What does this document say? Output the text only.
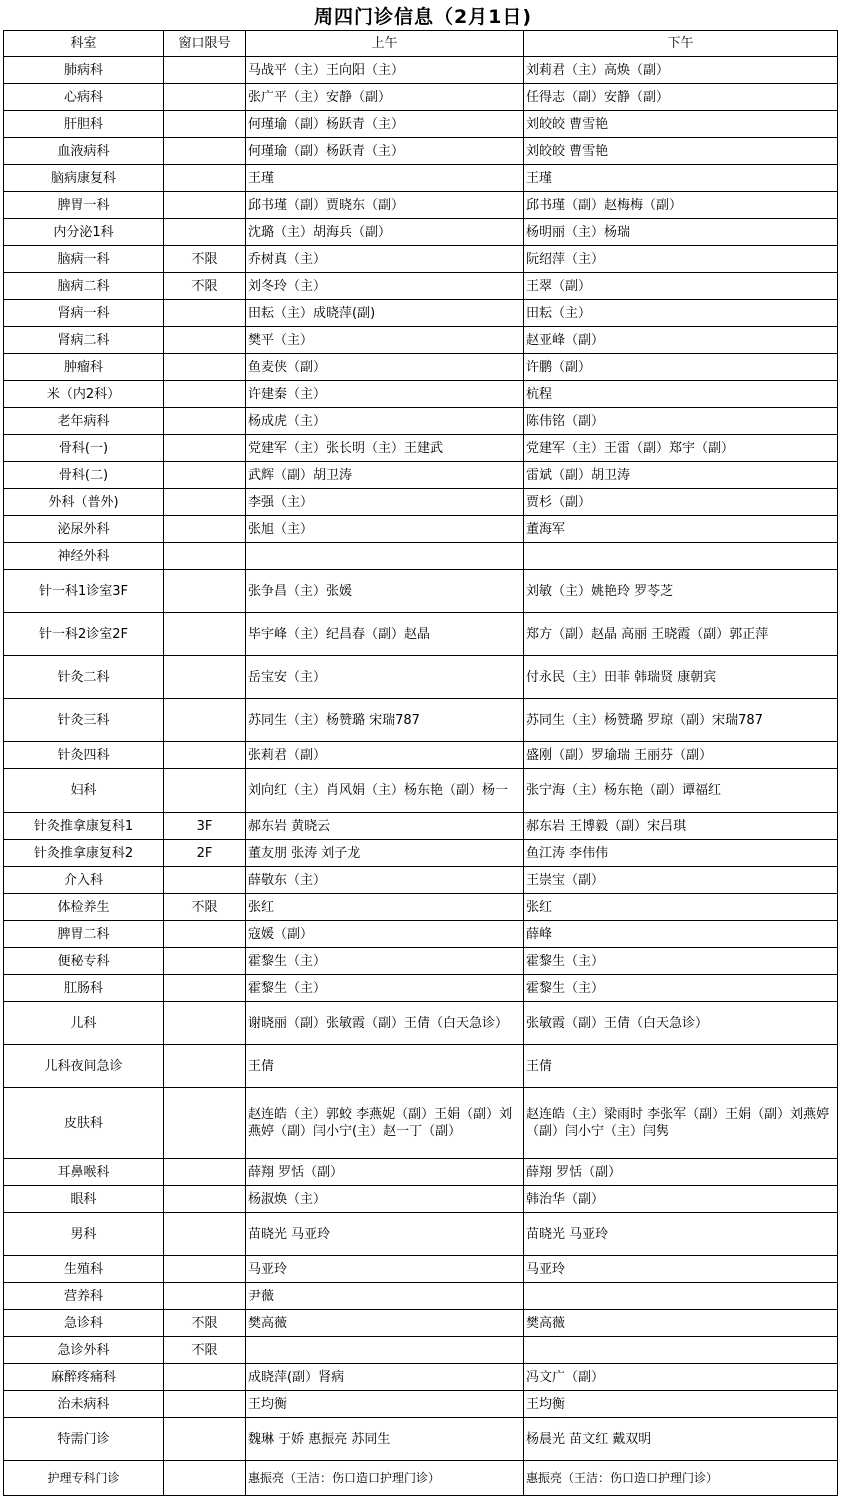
周四门诊信息（2月1日)
科室	窗口限号	上午	下午
肺病科		马战平（主）王向阳（主）	刘莉君（主）高焕（副）
心病科		张广平（主）安静（副）	任得志（副）安静（副）
肝胆科		何瑾瑜（副）杨跃青（主）	刘皎皎 曹雪艳
血液病科		何瑾瑜（副）杨跃青（主）	刘皎皎 曹雪艳
脑病康复科		王瑾	王瑾
脾胃一科		邱书瑾（副）贾晓东（副）	邱书瑾（副）赵梅梅（副）
内分泌1科		沈璐（主）胡海兵（副）	杨明丽（主）杨瑞
脑病一科	不限	乔树真（主）	阮绍萍（主）
脑病二科	不限	刘冬玲（主）	王翠（副）
肾病一科		田耘（主）成晓萍(副)	田耘（主）
肾病二科		樊平（主）	赵亚峰（副）
肿瘤科		鱼麦侠（副）	许鹏（副）
米（内2科）		许建秦（主）	杭程
老年病科		杨成虎（主）	陈伟铭（副）
骨科(一)		党建军（主）张长明（主）王建武	党建军（主）王雷（副）郑宇（副）
骨科(二)		武辉（副）胡卫涛	雷斌（副）胡卫涛
外科（普外)		李强（主）	贾杉（副）
泌尿外科		张旭（主）	董海军
神经外科			
针一科1诊室3F		张争昌（主）张媛	刘敏（主）姚艳玲 罗苓芝
针一科2诊室2F		毕宇峰（主）纪昌春（副）赵晶	郑方（副）赵晶 高丽 王晓霞（副）郭正萍
针灸二科		岳宝安（主）	付永民（主）田菲 韩瑞贤 康朝宾
针灸三科		苏同生（主）杨赞璐 宋瑞787	苏同生（主）杨赞璐 罗琼（副）宋瑞787
针灸四科		张莉君（副）	盛刚（副）罗瑜瑞 王丽芬（副）
妇科		刘向红（主）肖风娟（主）杨东艳（副）杨一	张宁海（主）杨东艳（副）谭福红
针灸推拿康复科1	3F	郝东岩 黄晓云	郝东岩 王博毅（副）宋吕琪
针灸推拿康复科2	2F	董友朋 张涛 刘子龙	鱼江涛 李伟伟
介入科		薛敬东（主）	王崇宝（副）
体检养生	不限	张红	张红
脾胃二科		寇媛（副）	薛峰
便秘专科		霍黎生（主）	霍黎生（主）
肛肠科		霍黎生（主）	霍黎生（主）
儿科		谢晓丽（副）张敏霞（副）王倩（白天急诊）	张敏霞（副）王倩（白天急诊）
儿科夜间急诊		王倩	王倩
皮肤科		赵连皓（主）郭蛟 李燕妮（副）王娟（副）刘燕婷（副）闫小宁(主）赵一丁（副）	赵连皓（主）梁雨时 李张军（副）王娟（副）刘燕婷（副）闫小宁（主）闫隽
耳鼻喉科		薛翔 罗恬（副）	薛翔 罗恬（副）
眼科		杨淑焕（主）	韩治华（副）
男科		苗晓光 马亚玲	苗晓光 马亚玲
生殖科		马亚玲	马亚玲
营养科		尹薇	
急诊科	不限	樊高薇	樊高薇
急诊外科	不限		
麻醉疼痛科		成晓萍(副）肾病	冯文广（副）
治未病科		王均衡	王均衡
特需门诊		魏琳 于娇 惠振亮 苏同生	杨晨光 苗文红 戴双明
护理专科门诊		惠振亮（王洁：伤口造口护理门诊）	惠振亮（王洁：伤口造口护理门诊）
